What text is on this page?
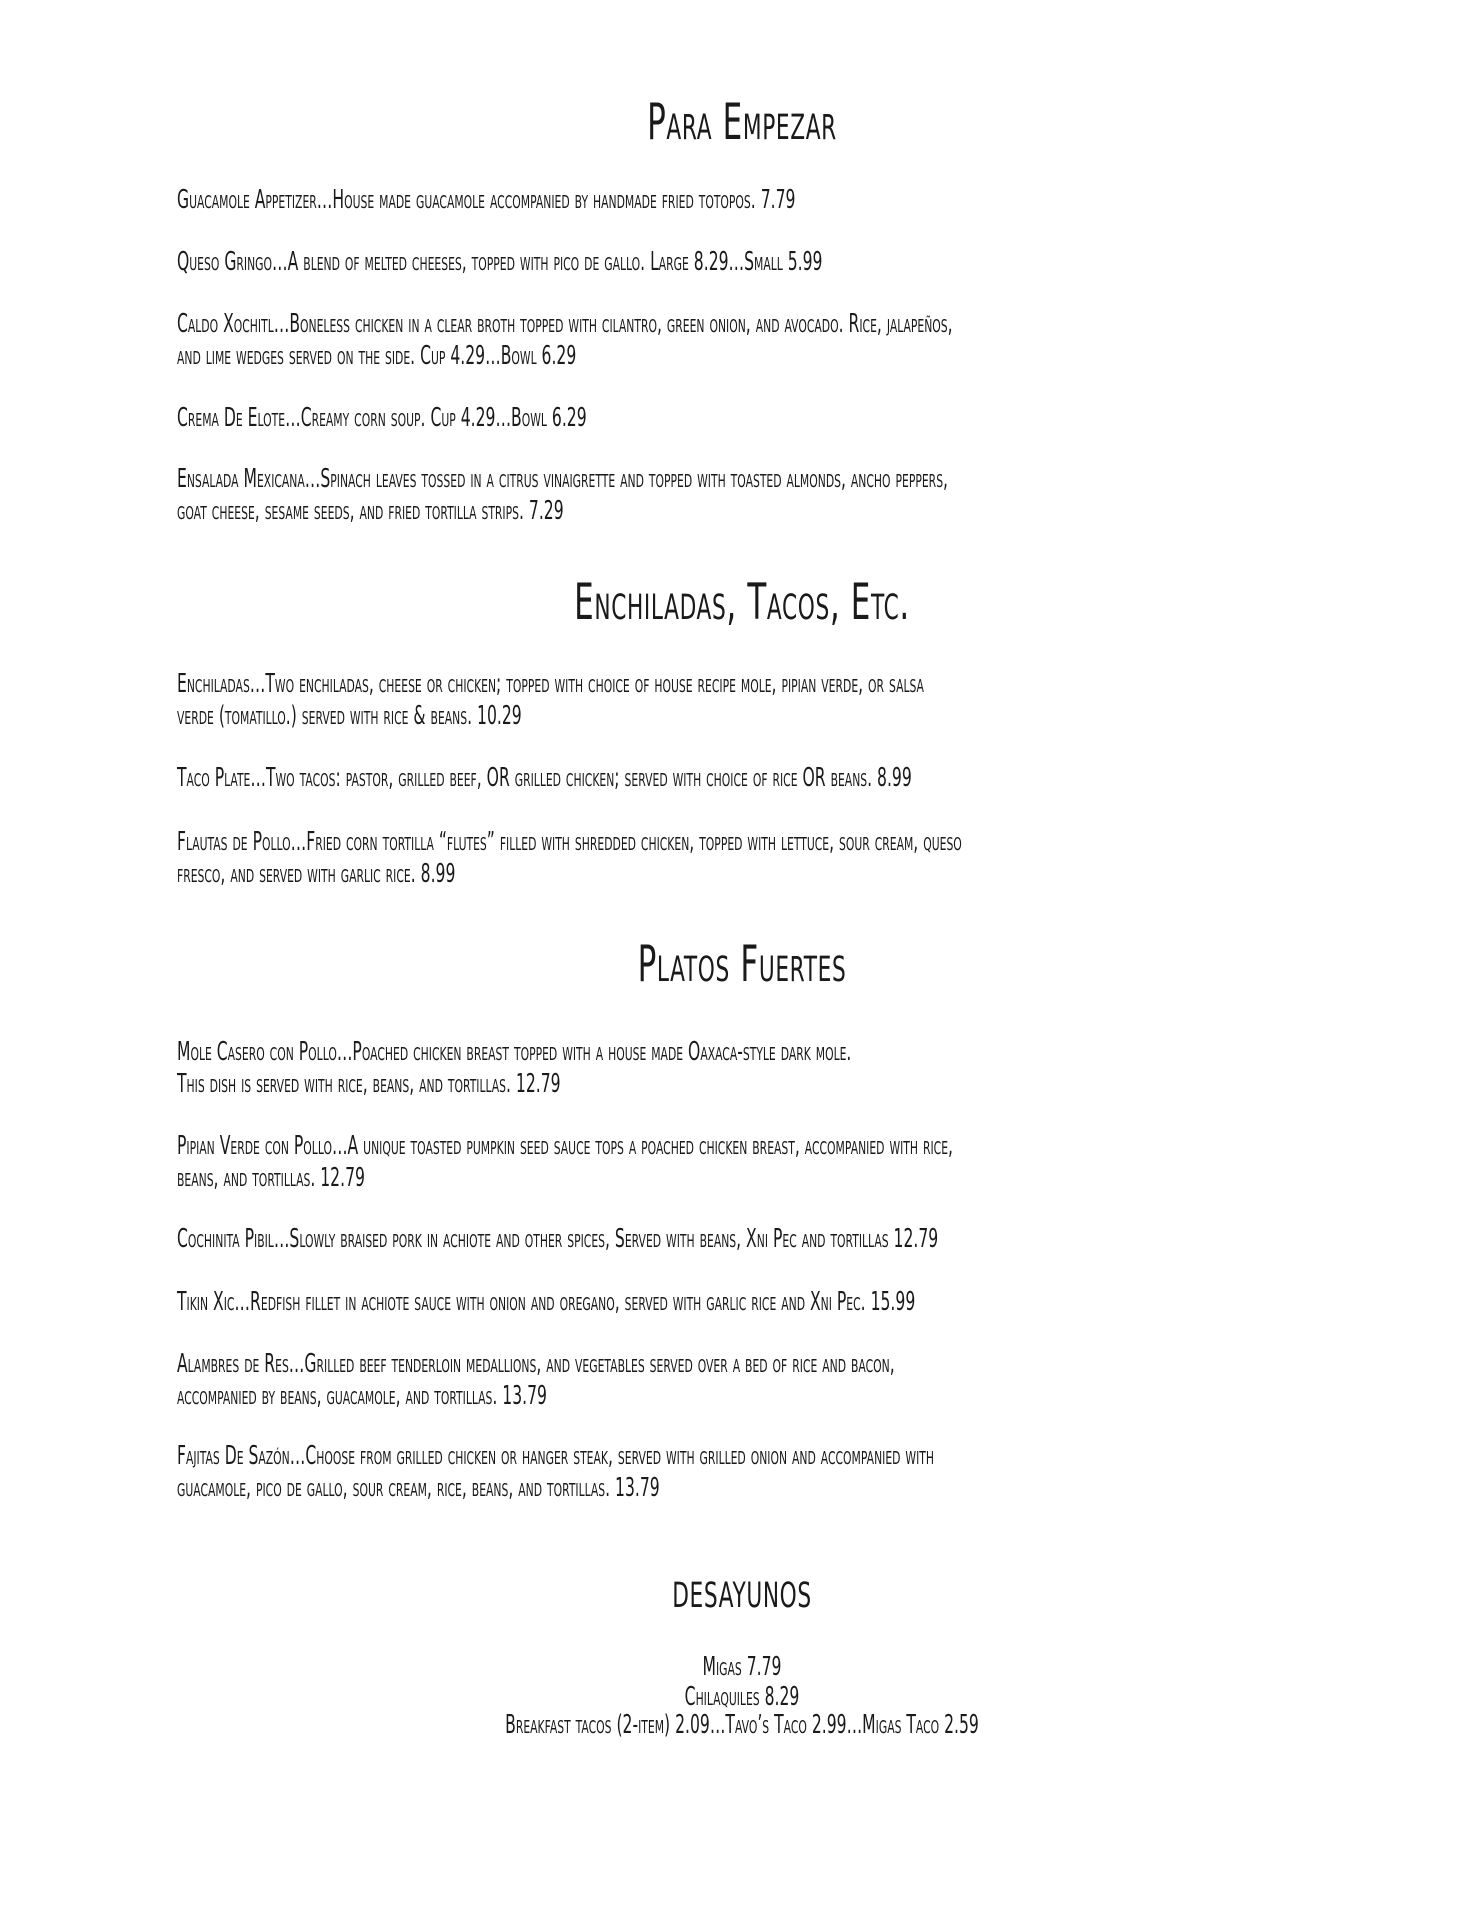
Para Empezar

Guacamole Appetizer…House made guacamole accompanied by handmade fried totopos. 7.79

Queso Gringo…A blend of melted cheeses, topped with pico de gallo. Large 8.29…Small 5.99

Caldo Xochitl…Boneless chicken in a clear broth topped with cilantro, green onion, and avocado. Rice, jalapeños,
and lime wedges served on the side. Cup 4.29…Bowl 6.29

Crema De Elote…Creamy corn soup. Cup 4.29…Bowl 6.29

Ensalada Mexicana…Spinach leaves tossed in a citrus vinaigrette and topped with toasted almonds, ancho peppers,
goat cheese, sesame seeds, and fried tortilla strips. 7.29

Enchiladas, Tacos, Etc.

Enchiladas…Two enchiladas, cheese or chicken; topped with choice of house recipe mole, pipian verde, or salsa
verde (tomatillo.) served with rice & beans. 10.29

Taco Plate…Two tacos: pastor, grilled beef, OR grilled chicken; served with choice of rice OR beans. 8.99

Flautas de Pollo…Fried corn tortilla “flutes” filled with shredded chicken, topped with lettuce, sour cream, queso
fresco, and served with garlic rice. 8.99

Platos Fuertes

Mole Casero con Pollo…Poached chicken breast topped with a house made Oaxaca-style dark mole.
This dish is served with rice, beans, and tortillas. 12.79

Pipian Verde con Pollo…A unique toasted pumpkin seed sauce tops a poached chicken breast, accompanied with rice,
beans, and tortillas. 12.79

Cochinita Pibil…Slowly braised pork in achiote and other spices, Served with beans, Xni Pec and tortillas 12.79

Tikin Xic…Redfish fillet in achiote sauce with onion and oregano, served with garlic rice and Xni Pec. 15.99

Alambres de Res…Grilled beef tenderloin medallions, and vegetables served over a bed of rice and bacon,
accompanied by beans, guacamole, and tortillas. 13.79

Fajitas De Sazón…Choose from grilled chicken or hanger steak, served with grilled onion and accompanied with
guacamole, pico de gallo, sour cream, rice, beans, and tortillas. 13.79

desayunos

Migas 7.79

Chilaquiles 8.29

Breakfast tacos (2-item) 2.09…Tavo’s Taco 2.99…Migas Taco 2.59
